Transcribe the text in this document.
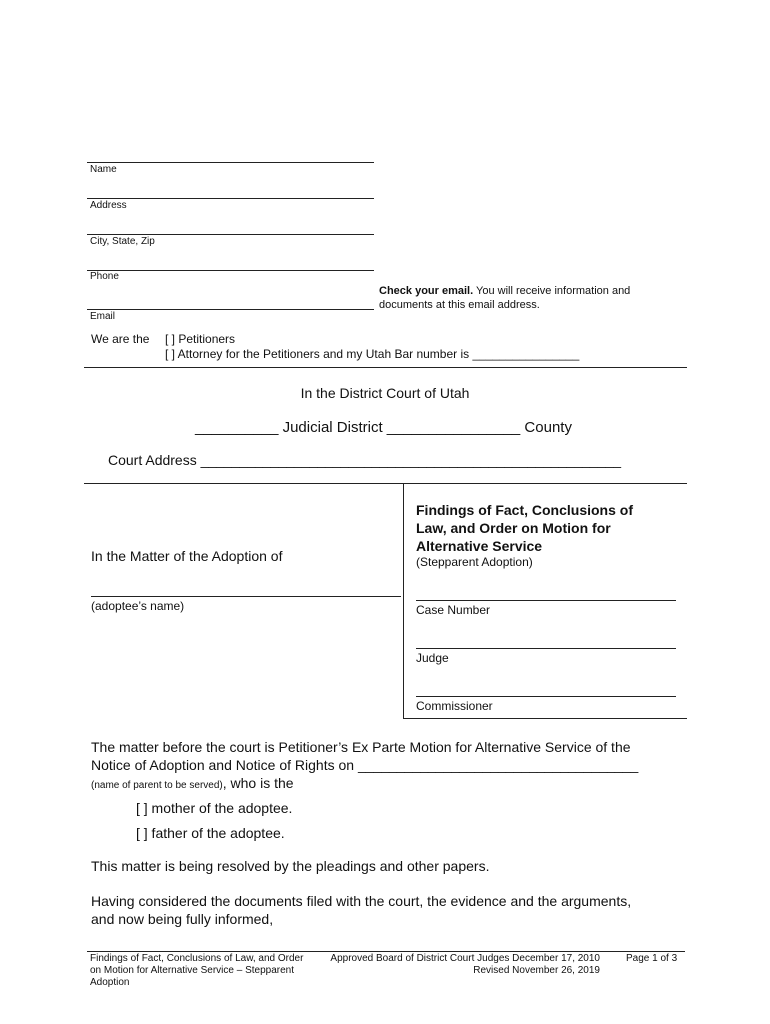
Name
Address
City, State, Zip
Phone
Check your email. You will receive information and
documents at this email address.
Email
We are the [ ] Petitioners
[ ] Attorney for the Petitioners and my Utah Bar number is ________________
In the District Court of Utah
__________ Judicial District ________________ County
Court Address ______________________________________________________
In the Matter of the Adoption of
(adoptee’s name)
Findings of Fact, Conclusions of
Law, and Order on Motion for
Alternative Service
(Stepparent Adoption)
Case Number
Judge
Commissioner
The matter before the court is Petitioner’s Ex Parte Motion for Alternative Service of the
Notice of Adoption and Notice of Rights on ____________________________________
(name of parent to be served), who is the
[ ] mother of the adoptee.
[ ] father of the adoptee.
This matter is being resolved by the pleadings and other papers.
Having considered the documents filed with the court, the evidence and the arguments,
and now being fully informed,
Findings of Fact, Conclusions of Law, and Order
on Motion for Alternative Service – Stepparent
Adoption
Approved Board of District Court Judges December 17, 2010
Revised November 26, 2019
Page 1 of 3
